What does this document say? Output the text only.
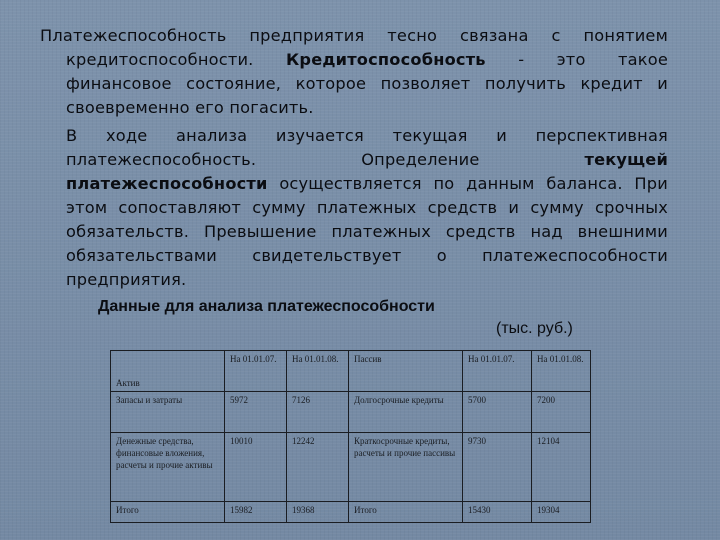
Платежеспособность предприятия тесно связана с понятием
кредитоспособности. Кредитоспособность - это такое
финансовое состояние, которое позволяет получить кредит и
своевременно его погасить.
В ходе анализа изучается текущая и перспективная
платежеспособность. Определение текущей
платежеспособности осуществляется по данным баланса. При
этом сопоставляют сумму платежных средств и сумму срочных
обязательств. Превышение платежных средств над внешними
обязательствами свидетельствует о платежеспособности
предприятия.
Данные для анализа платежеспособности
(тыс. руб.)
Актив	На 01.01.07.	На 01.01.08.	Пассив	На 01.01.07.	На 01.01.08.
Запасы и затраты	5972	7126	Долгосрочные кредиты	5700	7200
Денежные средства, финансовые вложения, расчеты и прочие активы	10010	12242	Краткосрочные кредиты, расчеты и прочие пассивы	9730	12104
Итого	15982	19368	Итого	15430	19304
